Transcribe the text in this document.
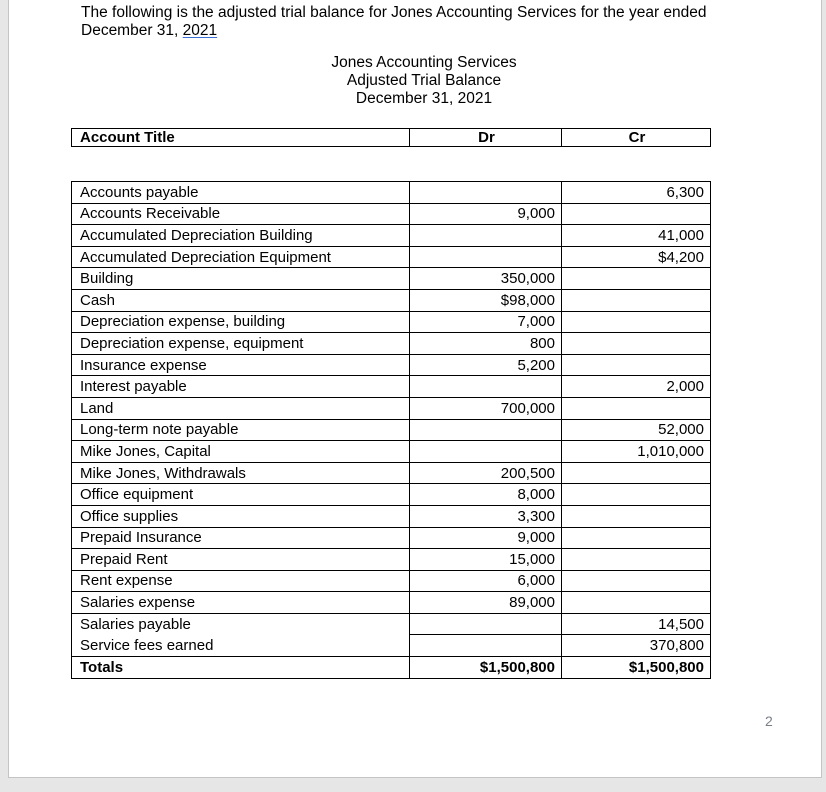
The following is the adjusted trial balance for Jones Accounting Services for the year ended
December 31, 2021
Jones Accounting Services
Adjusted Trial Balance
December 31, 2021
Account Title	Dr	Cr
Accounts payable		6,300
Accounts Receivable	9,000	
Accumulated Depreciation Building		41,000
Accumulated Depreciation Equipment		$4,200
Building	350,000	
Cash	$98,000	
Depreciation expense, building	7,000	
Depreciation expense, equipment	800	
Insurance expense	5,200	
Interest payable		2,000
Land	700,000	
Long-term note payable		52,000
Mike Jones, Capital		1,010,000
Mike Jones, Withdrawals	200,500	
Office equipment	8,000	
Office supplies	3,300	
Prepaid Insurance	9,000	
Prepaid Rent	15,000	
Rent expense	6,000	
Salaries expense	89,000	
Salaries payable		14,500
Service fees earned		370,800
Totals	$1,500,800	$1,500,800
2
